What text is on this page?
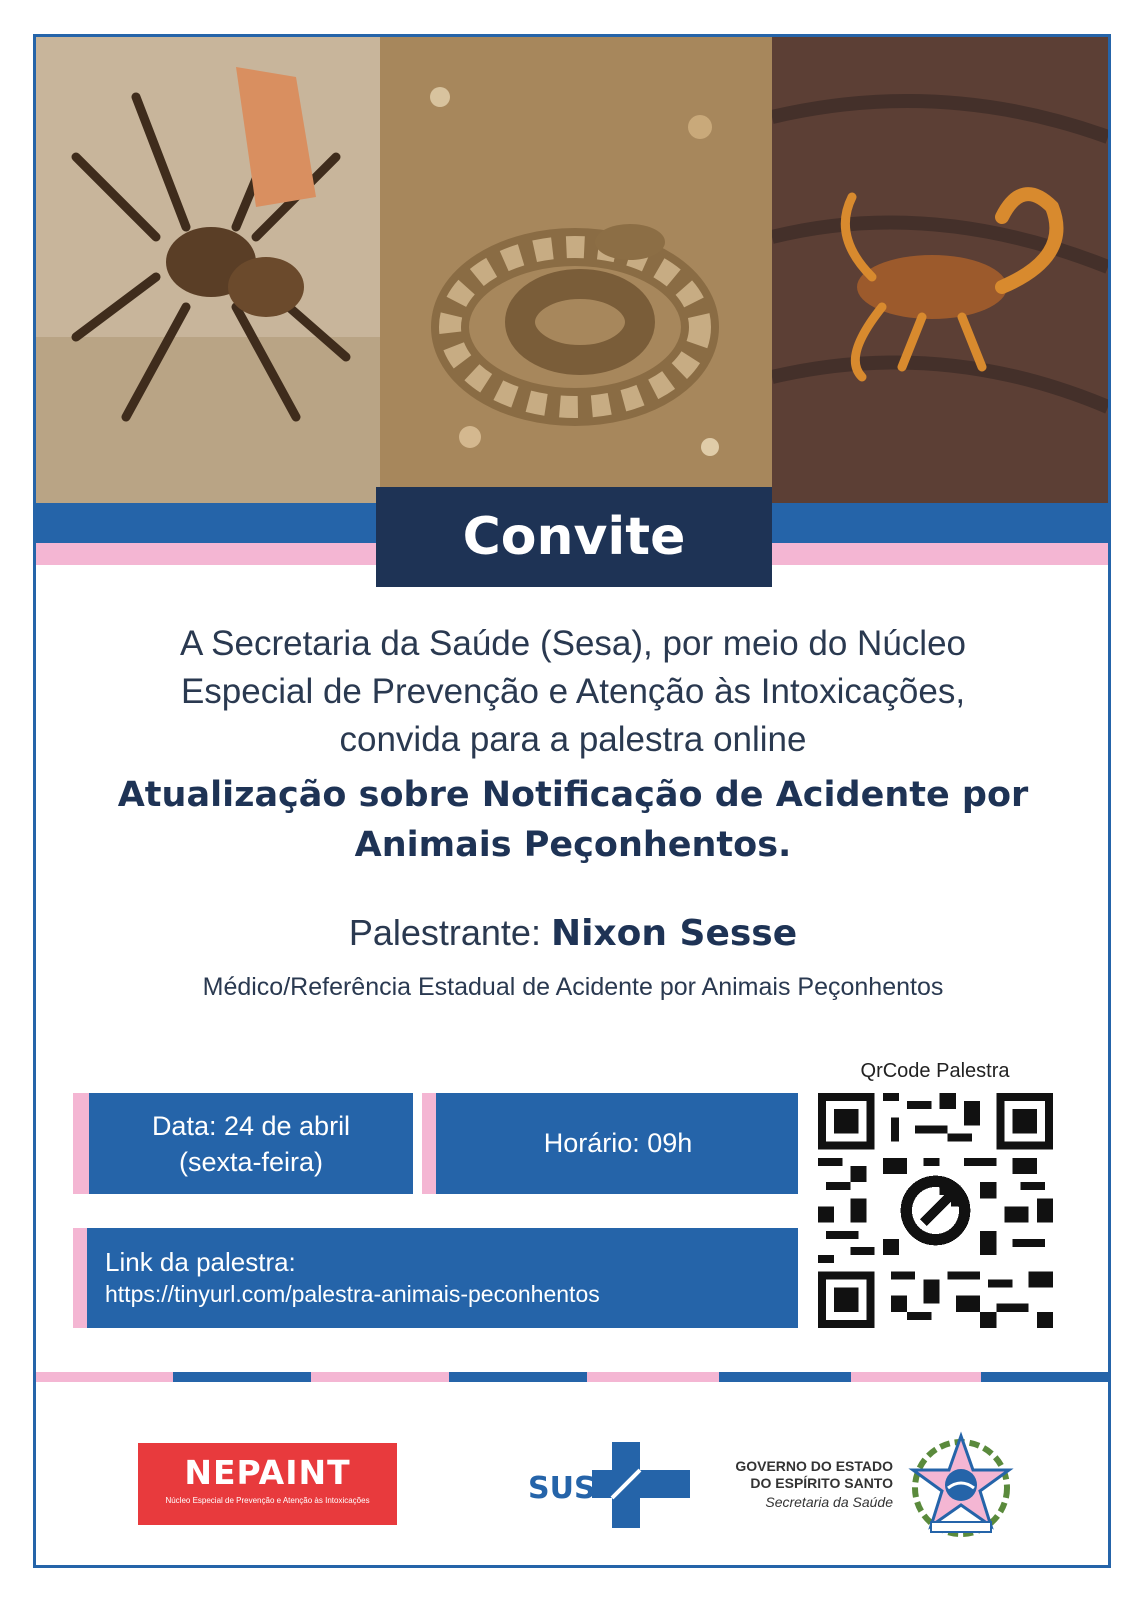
Convite
A Secretaria da Saúde (Sesa), por meio do Núcleo
Especial de Prevenção e Atenção às Intoxicações,
convida para a palestra online
Atualização sobre Notificação de Acidente por
Animais Peçonhentos.
Palestrante: Nixon Sesse
Médico/Referência Estadual de Acidente por Animais Peçonhentos
Data: 24 de abril
(sexta-feira)
Horário: 09h
Link da palestra:
https://tinyurl.com/palestra-animais-peconhentos
QrCode Palestra
NEPAINT
Núcleo Especial de Prevenção e Atenção às Intoxicações	SUS
GOVERNO DO ESTADO
DO ESPÍRITO SANTO
Secretaria da Saúde
